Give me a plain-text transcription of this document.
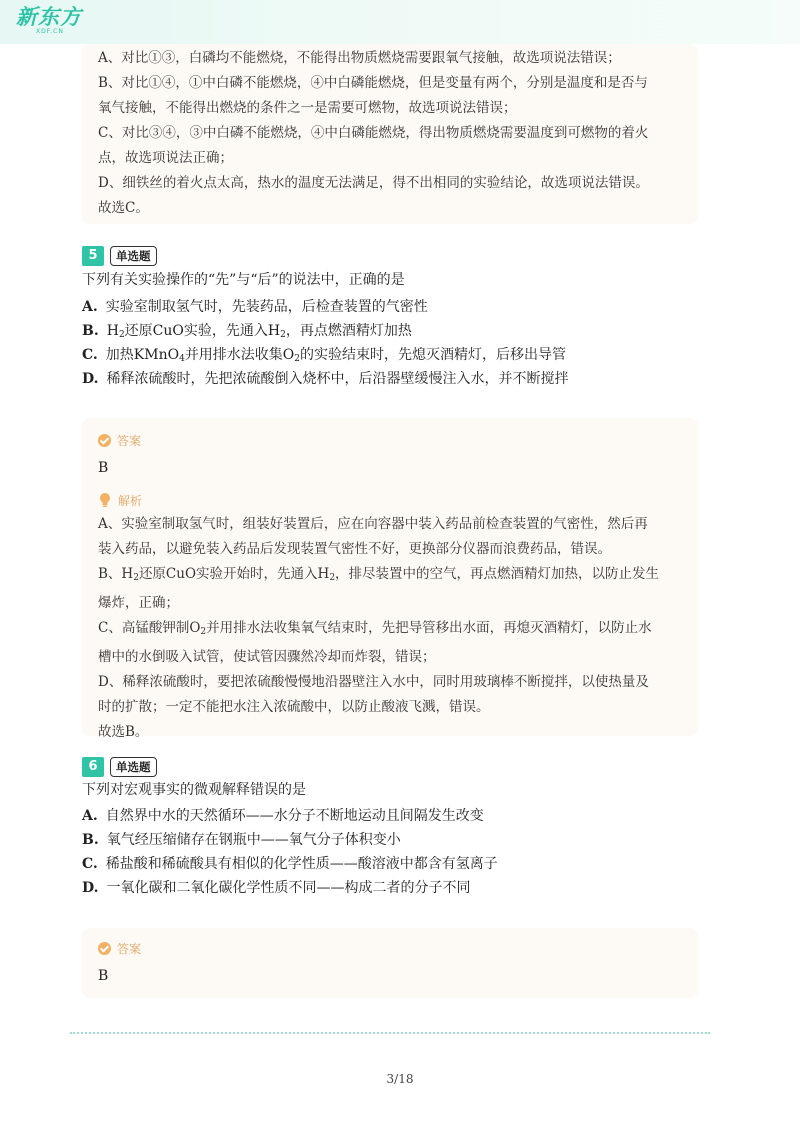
新东方
XDF.CN
A、对比①③，白磷均不能燃烧，不能得出物质燃烧需要跟氧气接触，故选项说法错误；
B、对比①④，①中白磷不能燃烧，④中白磷能燃烧，但是变量有两个，分别是温度和是否与
氧气接触，不能得出燃烧的条件之一是需要可燃物，故选项说法错误；
C、对比③④，③中白磷不能燃烧，④中白磷能燃烧，得出物质燃烧需要温度到可燃物的着火
点，故选项说法正确；
D、细铁丝的着火点太高，热水的温度无法满足，得不出相同的实验结论，故选项说法错误。
故选C。
5	单选题
下列有关实验操作的“先”与“后”的说法中，正确的是
A. 实验室制取氢气时，先装药品，后检查装置的气密性
B. $H_2$还原CuO实验，先通入$H_2$，再点燃酒精灯加热
C. 加热KMnO$_4$并用排水法收集$O_2$的实验结束时，先熄灭酒精灯，后移出导管
D. 稀释浓硫酸时，先把浓硫酸倒入烧杯中，后沿器壁缓慢注入水，并不断搅拌
答案
B
解析
A、实验室制取氢气时，组装好装置后，应在向容器中装入药品前检查装置的气密性，然后再
装入药品，以避免装入药品后发现装置气密性不好，更换部分仪器而浪费药品，错误。
B、$H_2$还原CuO实验开始时，先通入$H_2$，排尽装置中的空气，再点燃酒精灯加热，以防止发生
爆炸，正确；
C、高锰酸钾制$O_2$并用排水法收集氧气结束时，先把导管移出水面，再熄灭酒精灯，以防止水
槽中的水倒吸入试管，使试管因骤然冷却而炸裂，错误；
D、稀释浓硫酸时，要把浓硫酸慢慢地沿器壁注入水中，同时用玻璃棒不断搅拌，以使热量及
时的扩散；一定不能把水注入浓硫酸中，以防止酸液飞溅，错误。
故选B。
6	单选题
下列对宏观事实的微观解释错误的是
A. 自然界中水的天然循环——水分子不断地运动且间隔发生改变
B. 氧气经压缩储存在钢瓶中——氧气分子体积变小
C. 稀盐酸和稀硫酸具有相似的化学性质——酸溶液中都含有氢离子
D. 一氧化碳和二氧化碳化学性质不同——构成二者的分子不同
答案
B
3/18
